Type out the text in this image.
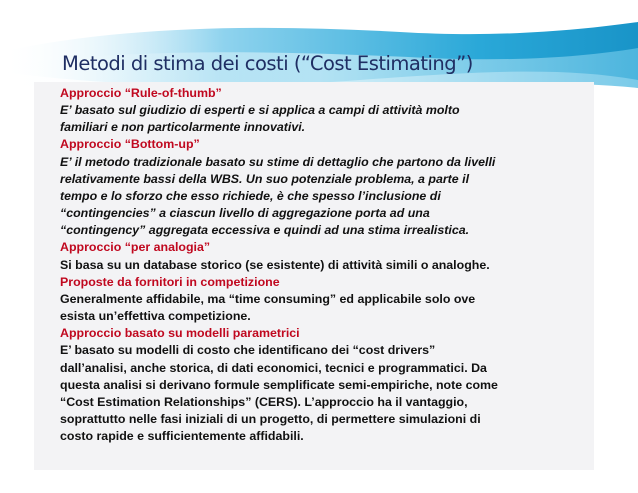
Metodi di stima dei costi (“Cost Estimating”)
Approccio “Rule-of-thumb”
E’ basato sul giudizio di esperti e si applica a campi di attività molto
familiari e non particolarmente innovativi.
Approccio “Bottom-up”
E’ il metodo tradizionale basato su stime di dettaglio che partono da livelli
relativamente bassi della WBS. Un suo potenziale problema, a parte il
tempo e lo sforzo che esso richiede, è che spesso l’inclusione di
“contingencies” a ciascun livello di aggregazione porta ad una
“contingency” aggregata eccessiva e quindi ad una stima irrealistica.
Approccio “per analogia”
Si basa su un database storico (se esistente) di attività simili o analoghe.
Proposte da fornitori in competizione
Generalmente affidabile, ma “time consuming” ed applicabile solo ove
esista un’effettiva competizione.
Approccio basato su modelli parametrici
E’ basato su modelli di costo che identificano dei “cost drivers”
dall’analisi, anche storica, di dati economici, tecnici e programmatici. Da
questa analisi si derivano formule semplificate semi-empiriche, note come
“Cost Estimation Relationships” (CERS). L’approccio ha il vantaggio,
soprattutto nelle fasi iniziali di un progetto, di permettere simulazioni di
costo rapide e sufficientemente affidabili.
